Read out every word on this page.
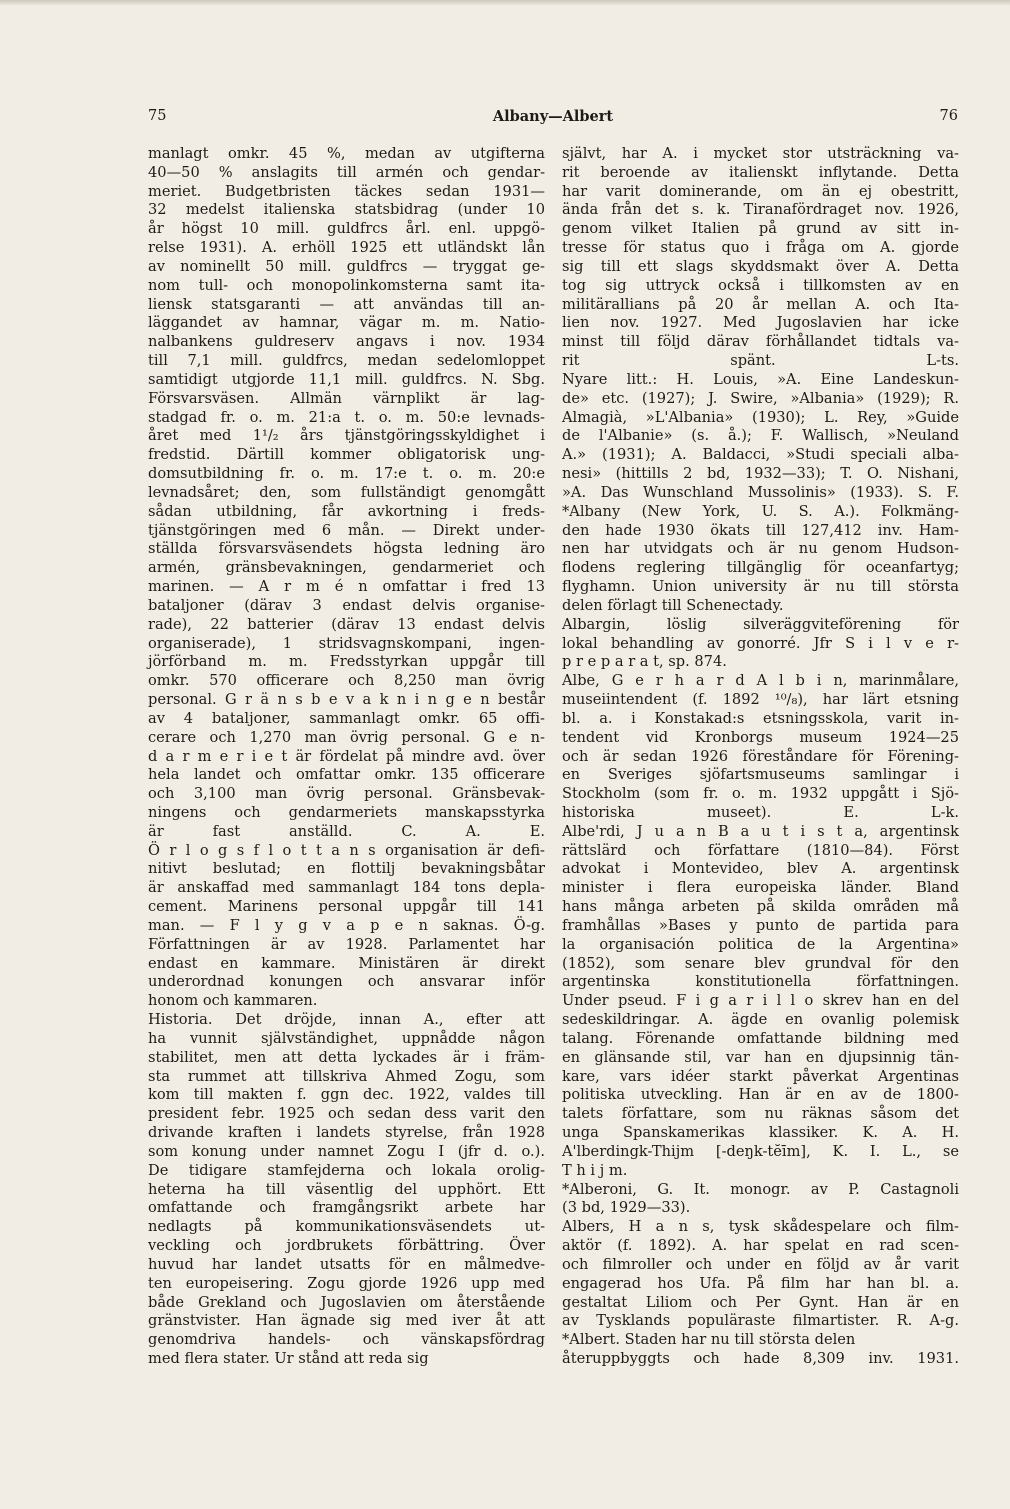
75	Albany—Albert	76
manlagt omkr. 45 %, medan av utgifterna
40—50 % anslagits till armén och gendar-
meriet. Budgetbristen täckes sedan 1931—
32 medelst italienska statsbidrag (under 10
år högst 10 mill. guldfrcs årl. enl. uppgö-
relse 1931). A. erhöll 1925 ett utländskt lån
av nominellt 50 mill. guldfrcs — tryggat ge-
nom tull- och monopolinkomsterna samt ita-
liensk statsgaranti — att användas till an-
läggandet av hamnar, vägar m. m. Natio-
nalbankens guldreserv angavs i nov. 1934
till 7,1 mill. guldfrcs, medan sedelomloppet
samtidigt utgjorde 11,1 mill. guldfrcs. N. Sbg.
Försvarsväsen. Allmän värnplikt är lag-
stadgad fr. o. m. 21:a t. o. m. 50:e levnads-
året med 1¹/₂ års tjänstgöringsskyldighet i
fredstid. Därtill kommer obligatorisk ung-
domsutbildning fr. o. m. 17:e t. o. m. 20:e
levnadsåret; den, som fullständigt genomgått
sådan utbildning, får avkortning i freds-
tjänstgöringen med 6 mån. — Direkt under-
ställda försvarsväsendets högsta ledning äro
armén, gränsbevakningen, gendarmeriet och
marinen. — A r m é n omfattar i fred 13
bataljoner (därav 3 endast delvis organise-
rade), 22 batterier (därav 13 endast delvis
organiserade), 1 stridsvagnskompani, ingen-
jörförband m. m. Fredsstyrkan uppgår till
omkr. 570 officerare och 8,250 man övrig
personal. G r ä n s b e v a k n i n g e n består
av 4 bataljoner, sammanlagt omkr. 65 offi-
cerare och 1,270 man övrig personal. G e n-
d a r m e r i e t är fördelat på mindre avd. över
hela landet och omfattar omkr. 135 officerare
och 3,100 man övrig personal. Gränsbevak-
ningens och gendarmeriets manskapsstyrka
är fast anställd. C. A. E.
Ö r l o g s f l o t t a n s organisation är defi-
nitivt beslutad; en flottilj bevakningsbåtar
är anskaffad med sammanlagt 184 tons depla-
cement. Marinens personal uppgår till 141
man. — F l y g v a p e n saknas. Ö-g.
Författningen är av 1928. Parlamentet har
endast en kammare. Ministären är direkt
underordnad konungen och ansvarar inför
honom och kammaren.
Historia. Det dröjde, innan A., efter att
ha vunnit självständighet, uppnådde någon
stabilitet, men att detta lyckades är i främ-
sta rummet att tillskriva Ahmed Zogu, som
kom till makten f. ggn dec. 1922, valdes till
president febr. 1925 och sedan dess varit den
drivande kraften i landets styrelse, från 1928
som konung under namnet Zogu I (jfr d. o.).
De tidigare stamfejderna och lokala orolig-
heterna ha till väsentlig del upphört. Ett
omfattande och framgångsrikt arbete har
nedlagts på kommunikationsväsendets ut-
veckling och jordbrukets förbättring. Över
huvud har landet utsatts för en målmedve-
ten europeisering. Zogu gjorde 1926 upp med
både Grekland och Jugoslavien om återstående
gränstvister. Han ägnade sig med iver åt att
genomdriva handels- och vänskapsfördrag
med flera stater. Ur stånd att reda sig
självt, har A. i mycket stor utsträckning va-
rit beroende av italienskt inflytande. Detta
har varit dominerande, om än ej obestritt,
ända från det s. k. Tiranafördraget nov. 1926,
genom vilket Italien på grund av sitt in-
tresse för status quo i fråga om A. gjorde
sig till ett slags skyddsmakt över A. Detta
tog sig uttryck också i tillkomsten av en
militärallians på 20 år mellan A. och Ita-
lien nov. 1927. Med Jugoslavien har icke
minst till följd därav förhållandet tidtals va-
rit spänt. L-ts.
Nyare litt.: H. Louis, »A. Eine Landeskun-
de» etc. (1927); J. Swire, »Albania» (1929); R.
Almagià, »L'Albania» (1930); L. Rey, »Guide
de l'Albanie» (s. å.); F. Wallisch, »Neuland
A.» (1931); A. Baldacci, »Studi speciali alba-
nesi» (hittills 2 bd, 1932—33); T. O. Nishani,
»A. Das Wunschland Mussolinis» (1933). S. F.
*Albany (New York, U. S. A.). Folkmäng-
den hade 1930 ökats till 127,412 inv. Ham-
nen har utvidgats och är nu genom Hudson-
flodens reglering tillgänglig för oceanfartyg;
flyghamn. Union university är nu till största
delen förlagt till Schenectady.
Albargin, löslig silveräggviteförening för
lokal behandling av gonorré. Jfr S i l v e r-
p r e p a r a t, sp. 874.
Albe, G e r h a r d A l b i n, marinmålare,
museiintendent (f. 1892 ¹⁰/₈), har lärt etsning
bl. a. i Konstakad:s etsningsskola, varit in-
tendent vid Kronborgs museum 1924—25
och är sedan 1926 föreståndare för Förening-
en Sveriges sjöfartsmuseums samlingar i
Stockholm (som fr. o. m. 1932 uppgått i Sjö-
historiska museet). E. L-k.
Albe'rdi, J u a n B a u t i s t a, argentinsk
rättslärd och författare (1810—84). Först
advokat i Montevideo, blev A. argentinsk
minister i flera europeiska länder. Bland
hans många arbeten på skilda områden må
framhållas »Bases y punto de partida para
la organisación politica de la Argentina»
(1852), som senare blev grundval för den
argentinska konstitutionella författningen.
Under pseud. F i g a r i l l o skrev han en del
sedeskildringar. A. ägde en ovanlig polemisk
talang. Förenande omfattande bildning med
en glänsande stil, var han en djupsinnig tän-
kare, vars idéer starkt påverkat Argentinas
politiska utveckling. Han är en av de 1800-
talets författare, som nu räknas såsom det
unga Spanskamerikas klassiker. K. A. H.
A'lberdingk-Thijm [-deŋk-tĕīm], K. I. L., se
T h i j m.
*Alberoni, G. It. monogr. av P. Castagnoli
(3 bd, 1929—33).
Albers, H a n s, tysk skådespelare och film-
aktör (f. 1892). A. har spelat en rad scen-
och filmroller och under en följd av år varit
engagerad hos Ufa. På film har han bl. a.
gestaltat Liliom och Per Gynt. Han är en
av Tysklands populäraste filmartister. R. A-g.
*Albert. Staden har nu till största delen
återuppbyggts och hade 8,309 inv. 1931.
